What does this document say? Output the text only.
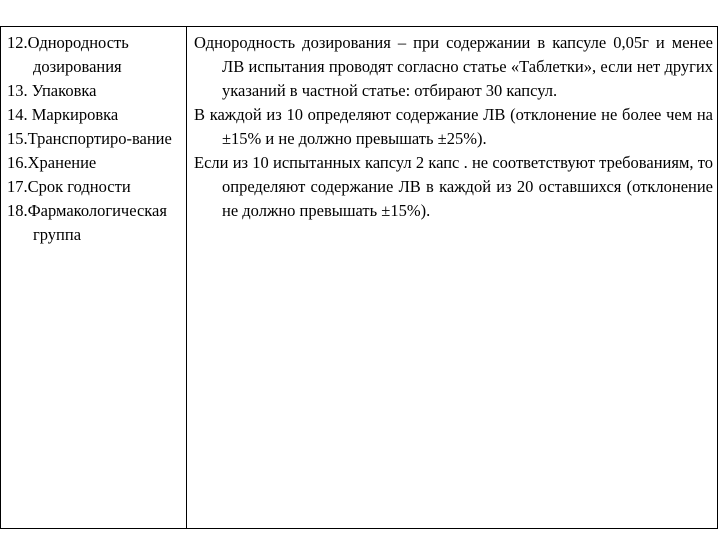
12.Однородность дозирования
13. Упаковка
14. Маркировка
15.Транспортиро-вание
16.Хранение
17.Срок годности
18.Фармакологическая группа

Однородность дозирования – при содержании в капсуле 0,05г и менее ЛВ испытания проводят согласно статье «Таблетки», если нет других указаний в частной статье: отбирают 30 капсул.

В каждой из 10 определяют содержание ЛВ (отклонение не более чем на ±15% и не должно превышать ±25%).

Если из 10 испытанных капсул 2 капс . не соответствуют требованиям, то определяют содержание ЛВ в каждой из 20 оставшихся (отклонение не должно превышать ±15%).
